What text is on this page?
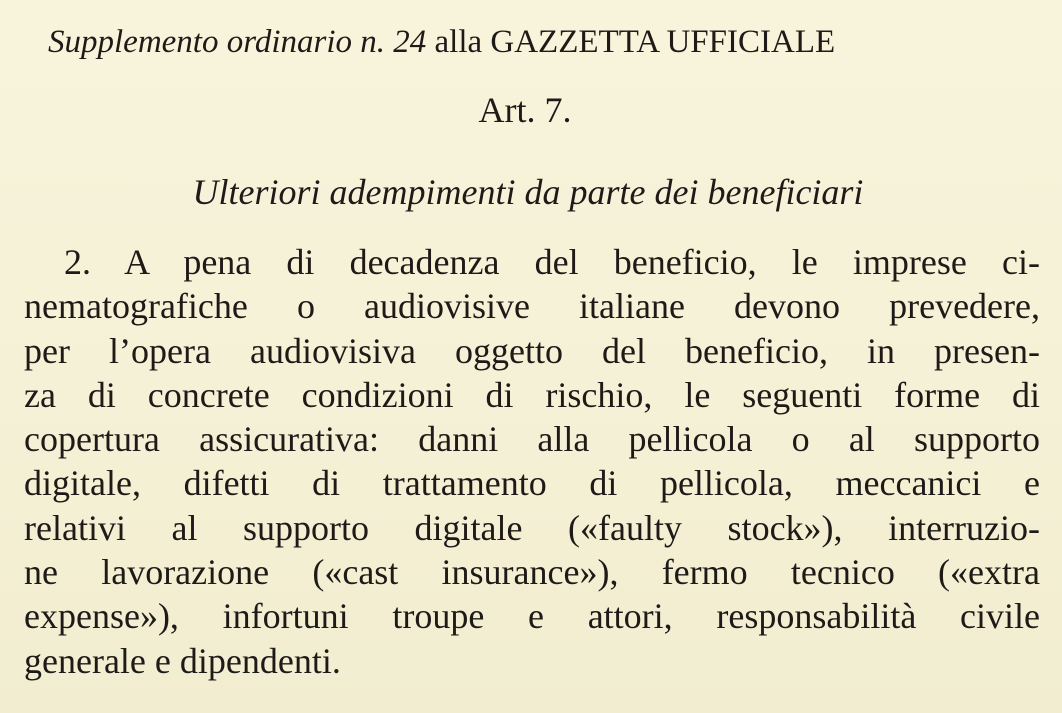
Supplemento ordinario n. 24 alla GAZZETTA UFFICIALE
Art. 7.
Ulteriori adempimenti da parte dei beneficiari
2. A pena di decadenza del beneficio, le imprese ci-
nematografiche o audiovisive italiane devono prevedere,
per l’opera audiovisiva oggetto del beneficio, in presen-
za di concrete condizioni di rischio, le seguenti forme di
copertura assicurativa: danni alla pellicola o al supporto
digitale, difetti di trattamento di pellicola, meccanici e
relativi al supporto digitale («faulty stock»), interruzio-
ne lavorazione («cast insurance»), fermo tecnico («extra
expense»), infortuni troupe e attori, responsabilità civile
generale e dipendenti.
